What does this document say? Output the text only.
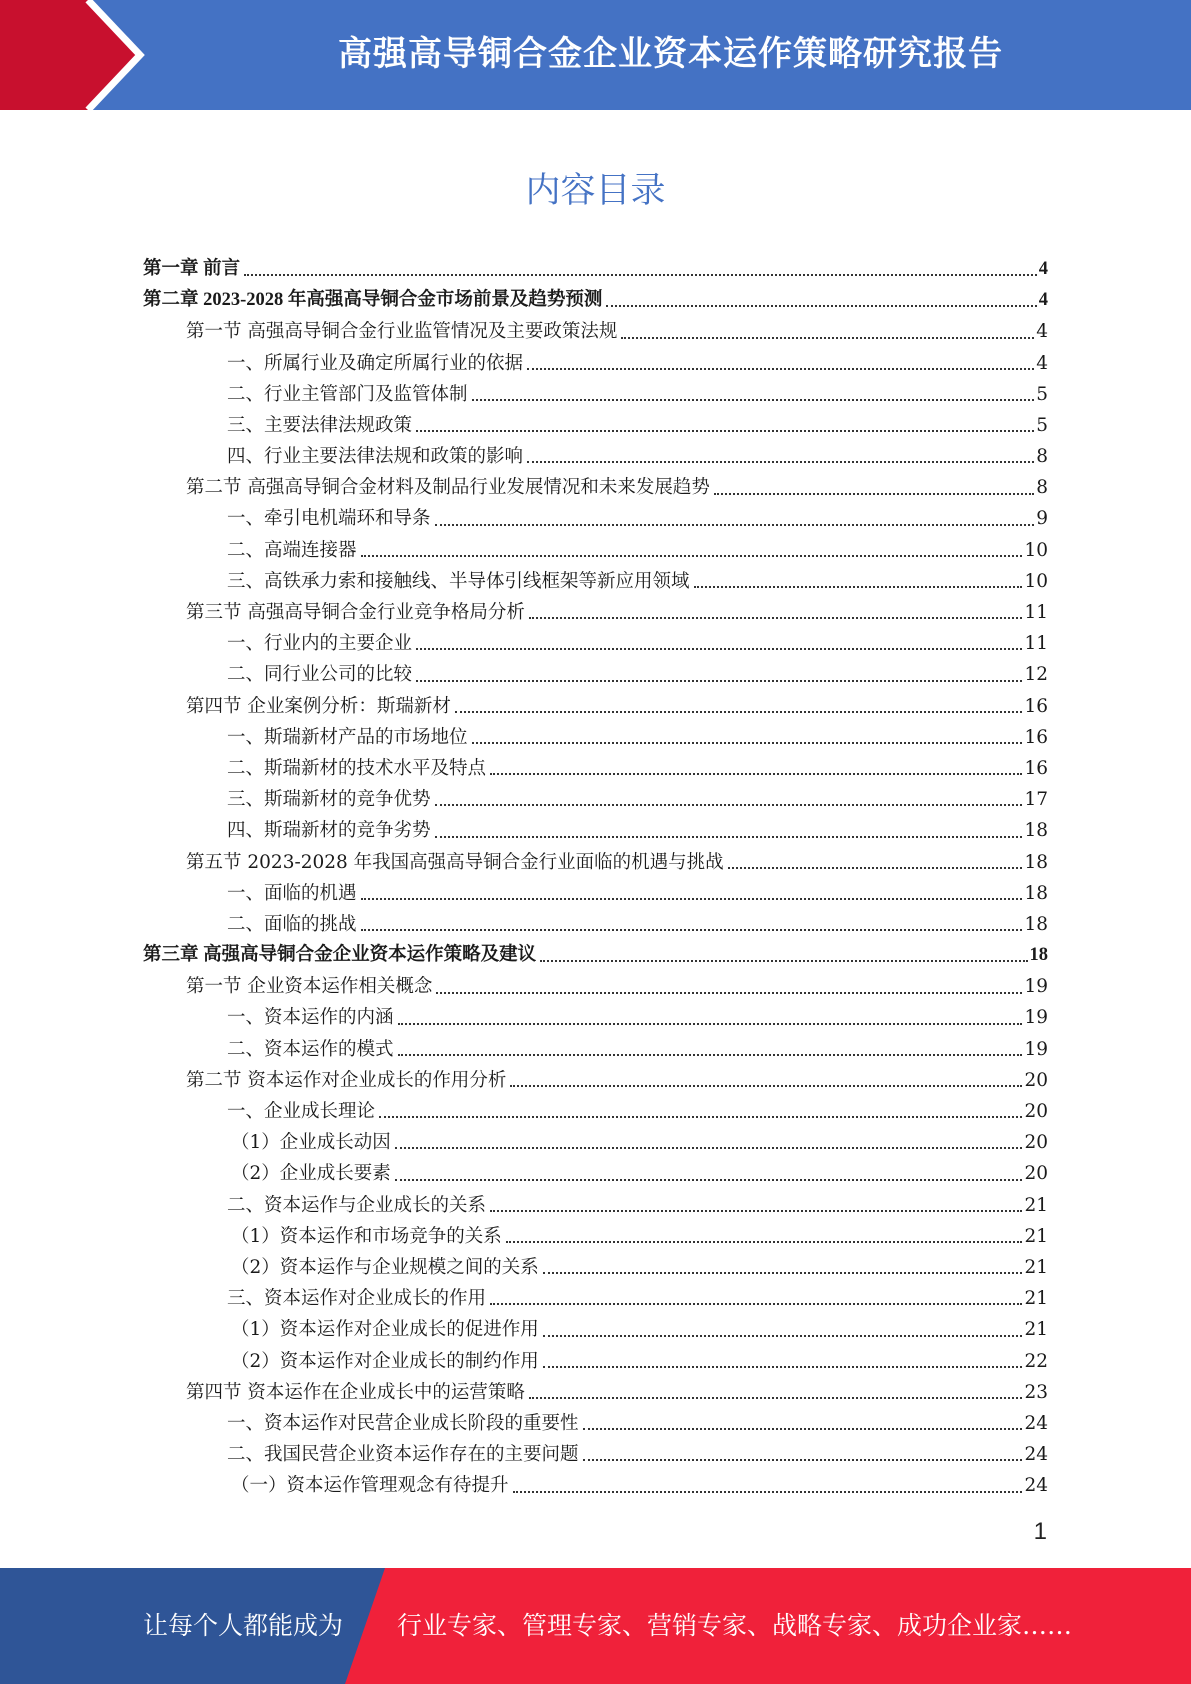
高强高导铜合金企业资本运作策略研究报告
内容目录
第一章 前言	4
第二章 2023-2028 年高强高导铜合金市场前景及趋势预测	4
第一节 高强高导铜合金行业监管情况及主要政策法规	4
一、所属行业及确定所属行业的依据	4
二、行业主管部门及监管体制	5
三、主要法律法规政策	5
四、行业主要法律法规和政策的影响	8
第二节 高强高导铜合金材料及制品行业发展情况和未来发展趋势	8
一、牵引电机端环和导条	9
二、高端连接器	10
三、高铁承力索和接触线、半导体引线框架等新应用领域	10
第三节 高强高导铜合金行业竞争格局分析	11
一、行业内的主要企业	11
二、同行业公司的比较	12
第四节 企业案例分析：斯瑞新材	16
一、斯瑞新材产品的市场地位	16
二、斯瑞新材的技术水平及特点	16
三、斯瑞新材的竞争优势	17
四、斯瑞新材的竞争劣势	18
第五节 2023-2028 年我国高强高导铜合金行业面临的机遇与挑战	18
一、面临的机遇	18
二、面临的挑战	18
第三章 高强高导铜合金企业资本运作策略及建议	18
第一节 企业资本运作相关概念	19
一、资本运作的内涵	19
二、资本运作的模式	19
第二节 资本运作对企业成长的作用分析	20
一、企业成长理论	20
（1）企业成长动因	20
（2）企业成长要素	20
二、资本运作与企业成长的关系	21
（1）资本运作和市场竞争的关系	21
（2）资本运作与企业规模之间的关系	21
三、资本运作对企业成长的作用	21
（1）资本运作对企业成长的促进作用	21
（2）资本运作对企业成长的制约作用	22
第四节 资本运作在企业成长中的运营策略	23
一、资本运作对民营企业成长阶段的重要性	24
二、我国民营企业资本运作存在的主要问题	24
（一）资本运作管理观念有待提升	24
1
让每个人都能成为 行业专家、管理专家、营销专家、战略专家、成功企业家……
